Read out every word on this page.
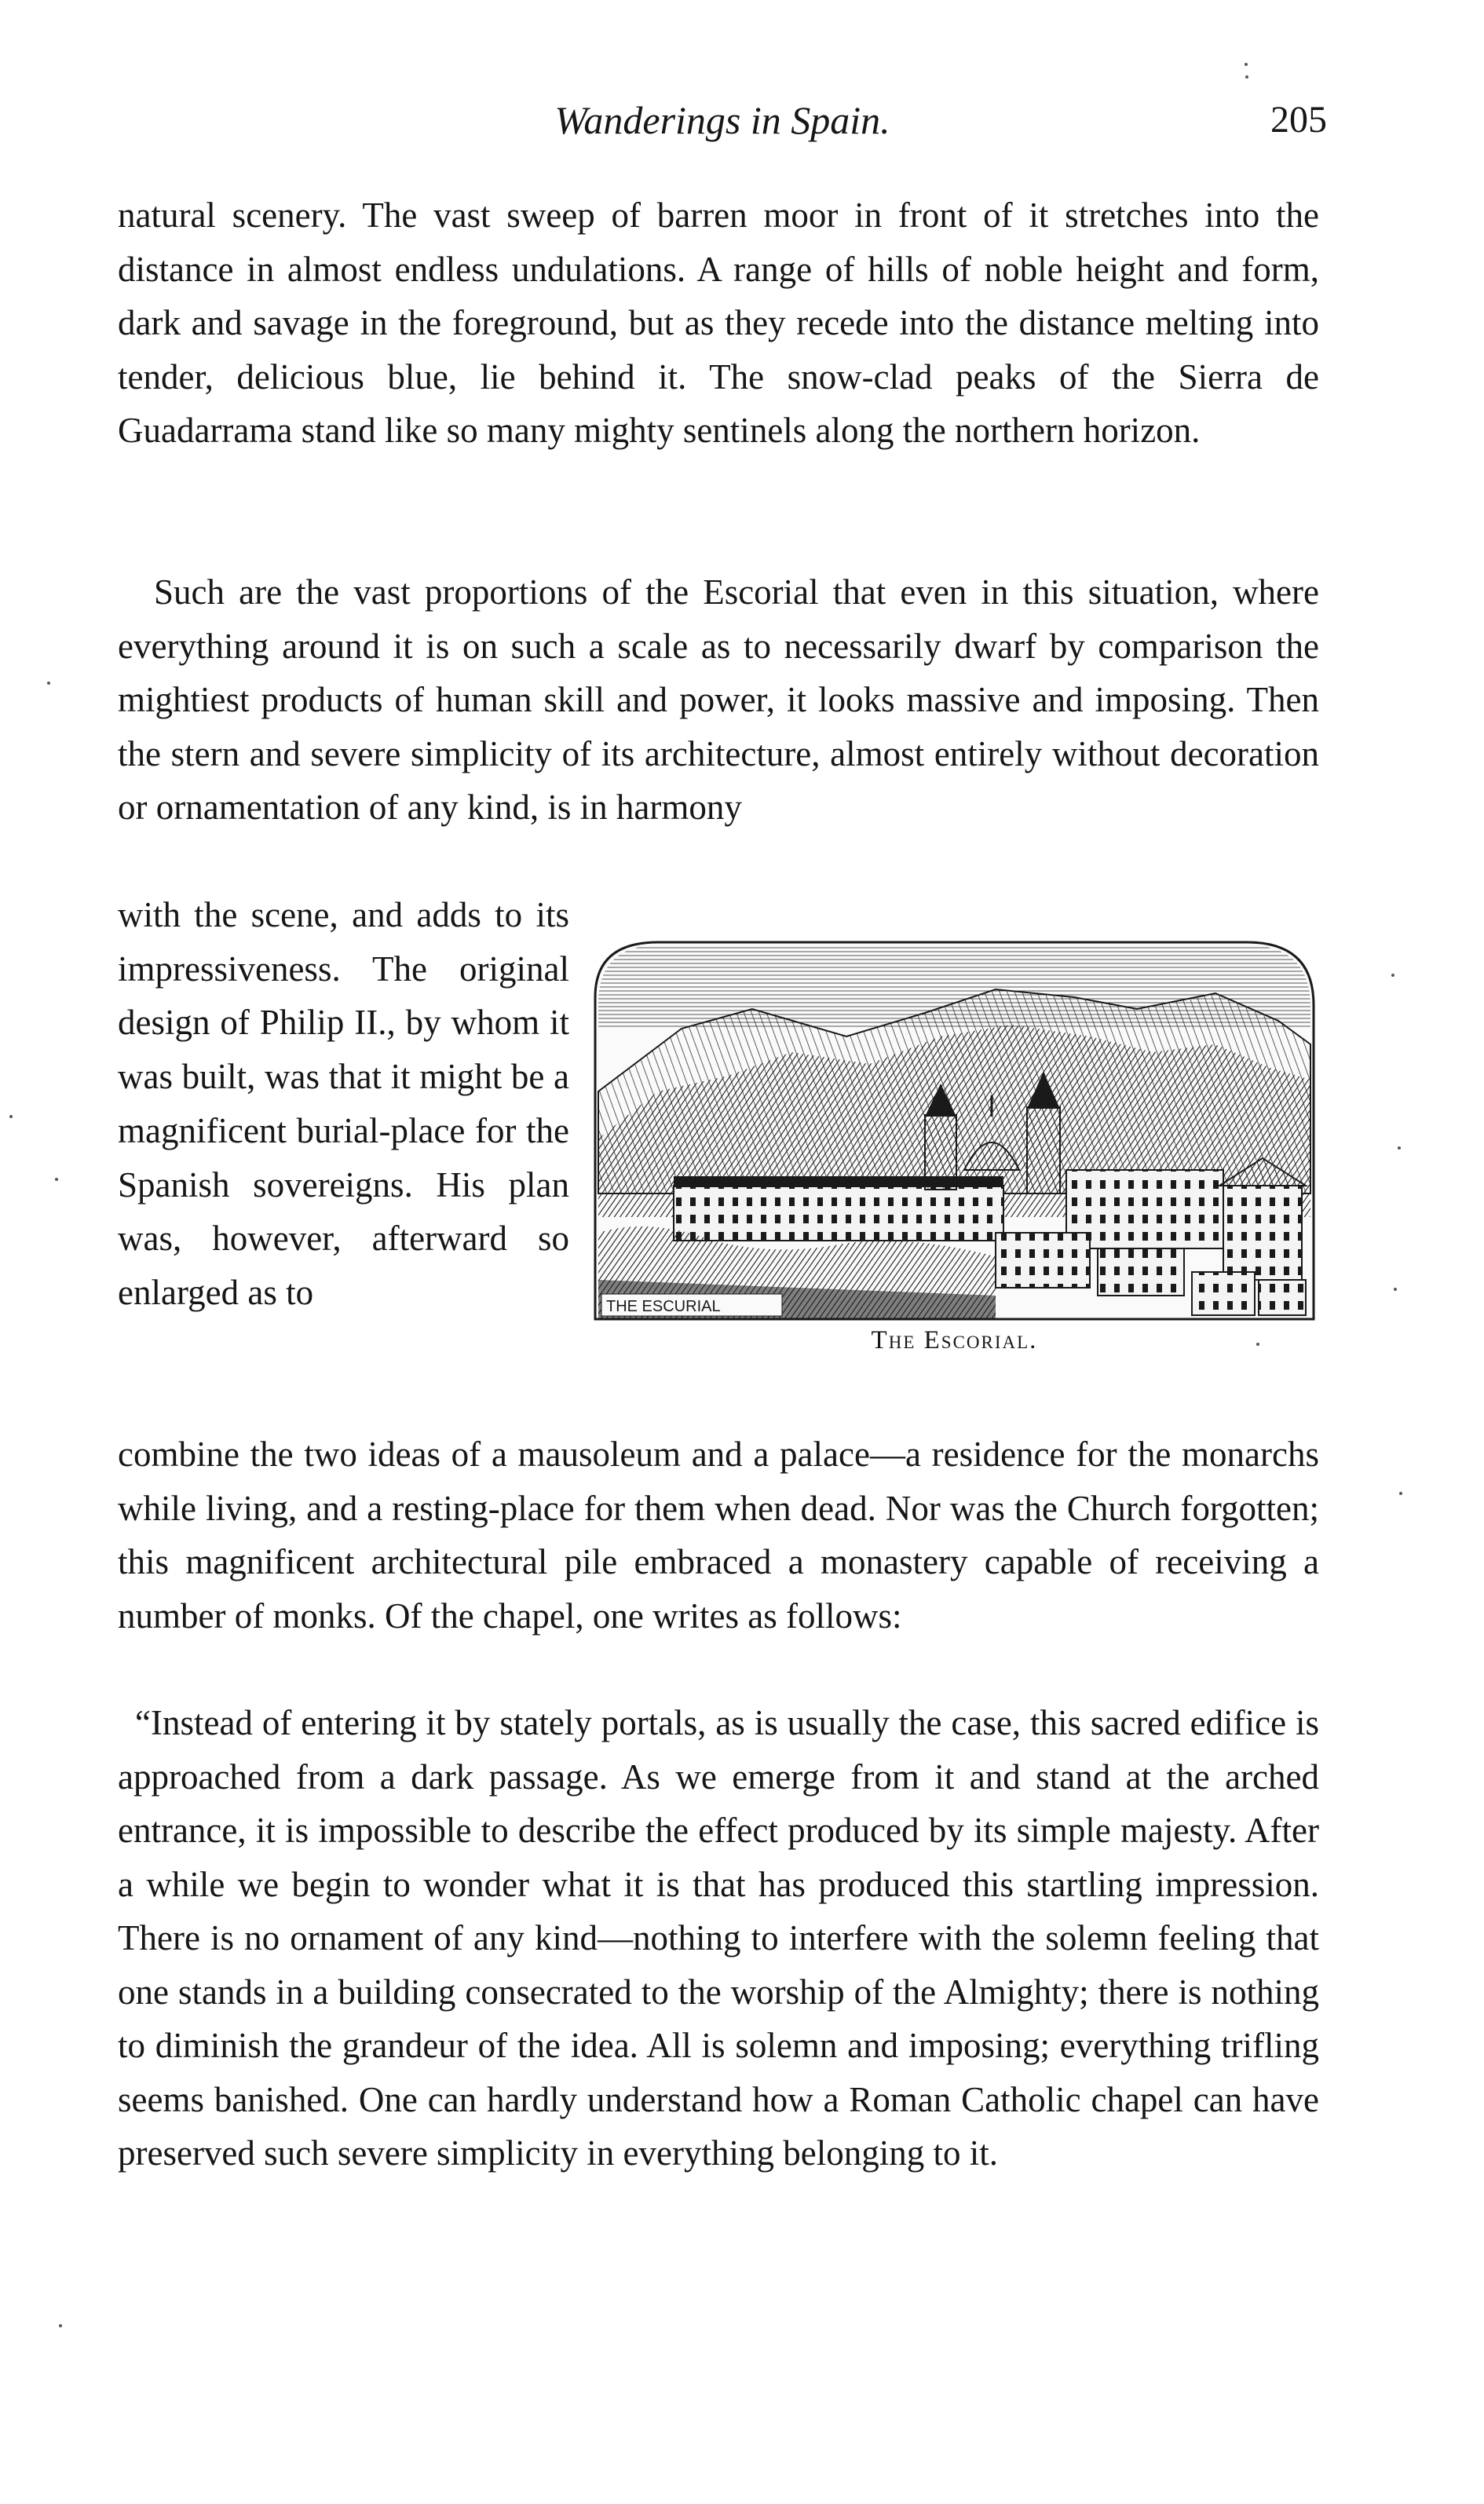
Wanderings in Spain.	205

natural scenery. The vast sweep of barren moor in front of it stretches into the distance in almost endless undulations. A range of hills of noble height and form, dark and savage in the foreground, but as they recede into the distance melting into tender, delicious blue, lie behind it. The snow-clad peaks of the Sierra de Guadarrama stand like so many mighty sentinels along the northern horizon.

Such are the vast proportions of the Escorial that even in this situation, where everything around it is on such a scale as to necessarily dwarf by comparison the mightiest products of human skill and power, it looks massive and imposing. Then the stern and severe simplicity of its architecture, almost entirely without decoration or ornamentation of any kind, is in harmony

with the scene, and adds to its impressiveness. The original design of Philip II., by whom it was built, was that it might be a magnificent burial-place for the Spanish sovereigns. His plan was, however, afterward so enlarged as to	THE ESCURIAL
The Escorial.

combine the two ideas of a mausoleum and a palace—a residence for the monarchs while living, and a resting-place for them when dead. Nor was the Church forgotten; this magnificent architectural pile embraced a monastery capable of receiving a number of monks. Of the chapel, one writes as follows:

“Instead of entering it by stately portals, as is usually the case, this sacred edifice is approached from a dark passage. As we emerge from it and stand at the arched entrance, it is impossible to describe the effect produced by its simple majesty. After a while we begin to wonder what it is that has produced this startling impression. There is no ornament of any kind—nothing to interfere with the solemn feeling that one stands in a building consecrated to the worship of the Almighty; there is nothing to diminish the grandeur of the idea. All is solemn and imposing; everything trifling seems banished. One can hardly understand how a Roman Catholic chapel can have preserved such severe simplicity in everything belonging to it.
